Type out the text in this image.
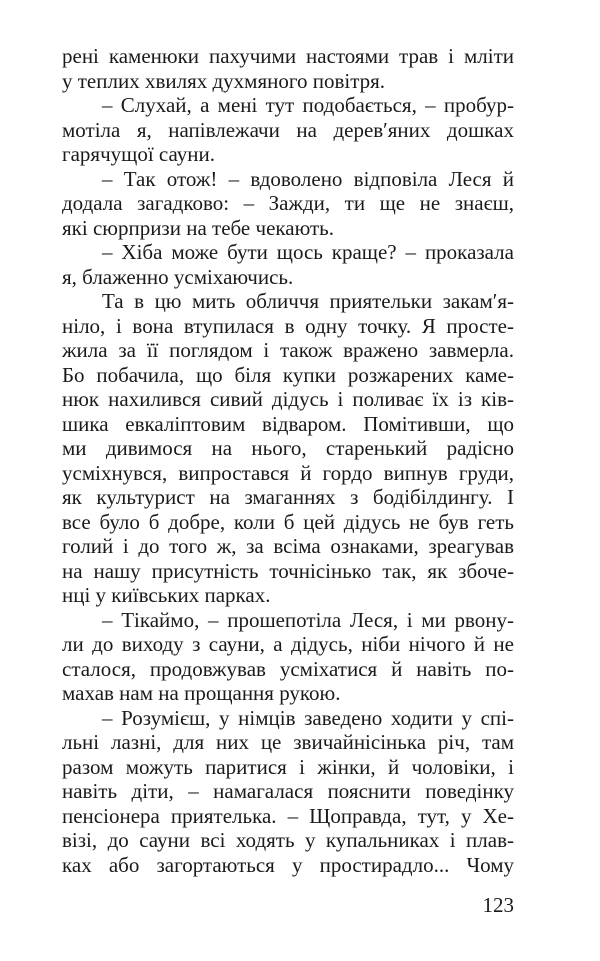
рені каменюки пахучими настоями трав і мліти
у теплих хвилях духмяного повітря.
– Слухай, а мені тут подобається, – пробур-
мотіла я, напівлежачи на дерев′яних дошках
гарячущої сауни.
– Так отож! – вдоволено відповіла Леся й
додала загадково: – Зажди, ти ще не знаєш,
які сюрпризи на тебе чекають.
– Хіба може бути щось краще? – проказала
я, блаженно усміхаючись.
Та в цю мить обличчя приятельки закам′я-
ніло, і вона втупилася в одну точку. Я просте-
жила за її поглядом і також вражено завмерла.
Бо побачила, що біля купки розжарених каме-
нюк нахилився сивий дідусь і поливає їх із ків-
шика евкаліптовим відваром. Помітивши, що
ми дивимося на нього, старенький радісно
усміхнувся, випростався й гордо випнув груди,
як культурист на змаганнях з бодібілдингу. І
все було б добре, коли б цей дідусь не був геть
голий і до того ж, за всіма ознаками, зреагував
на нашу присутність точнісінько так, як збоче-
нці у київських парках.
– Тікаймо, – прошепотіла Леся, і ми рвону-
ли до виходу з сауни, а дідусь, ніби нічого й не
сталося, продовжував усміхатися й навіть по-
махав нам на прощання рукою.
– Розумієш, у німців заведено ходити у спі-
льні лазні, для них це звичайнісінька річ, там
разом можуть паритися і жінки, й чоловіки, і
навіть діти, – намагалася пояснити поведінку
пенсіонера приятелька. – Щоправда, тут, у Хе-
візі, до сауни всі ходять у купальниках і плав-
ках або загортаються у простирадло... Чому
123
